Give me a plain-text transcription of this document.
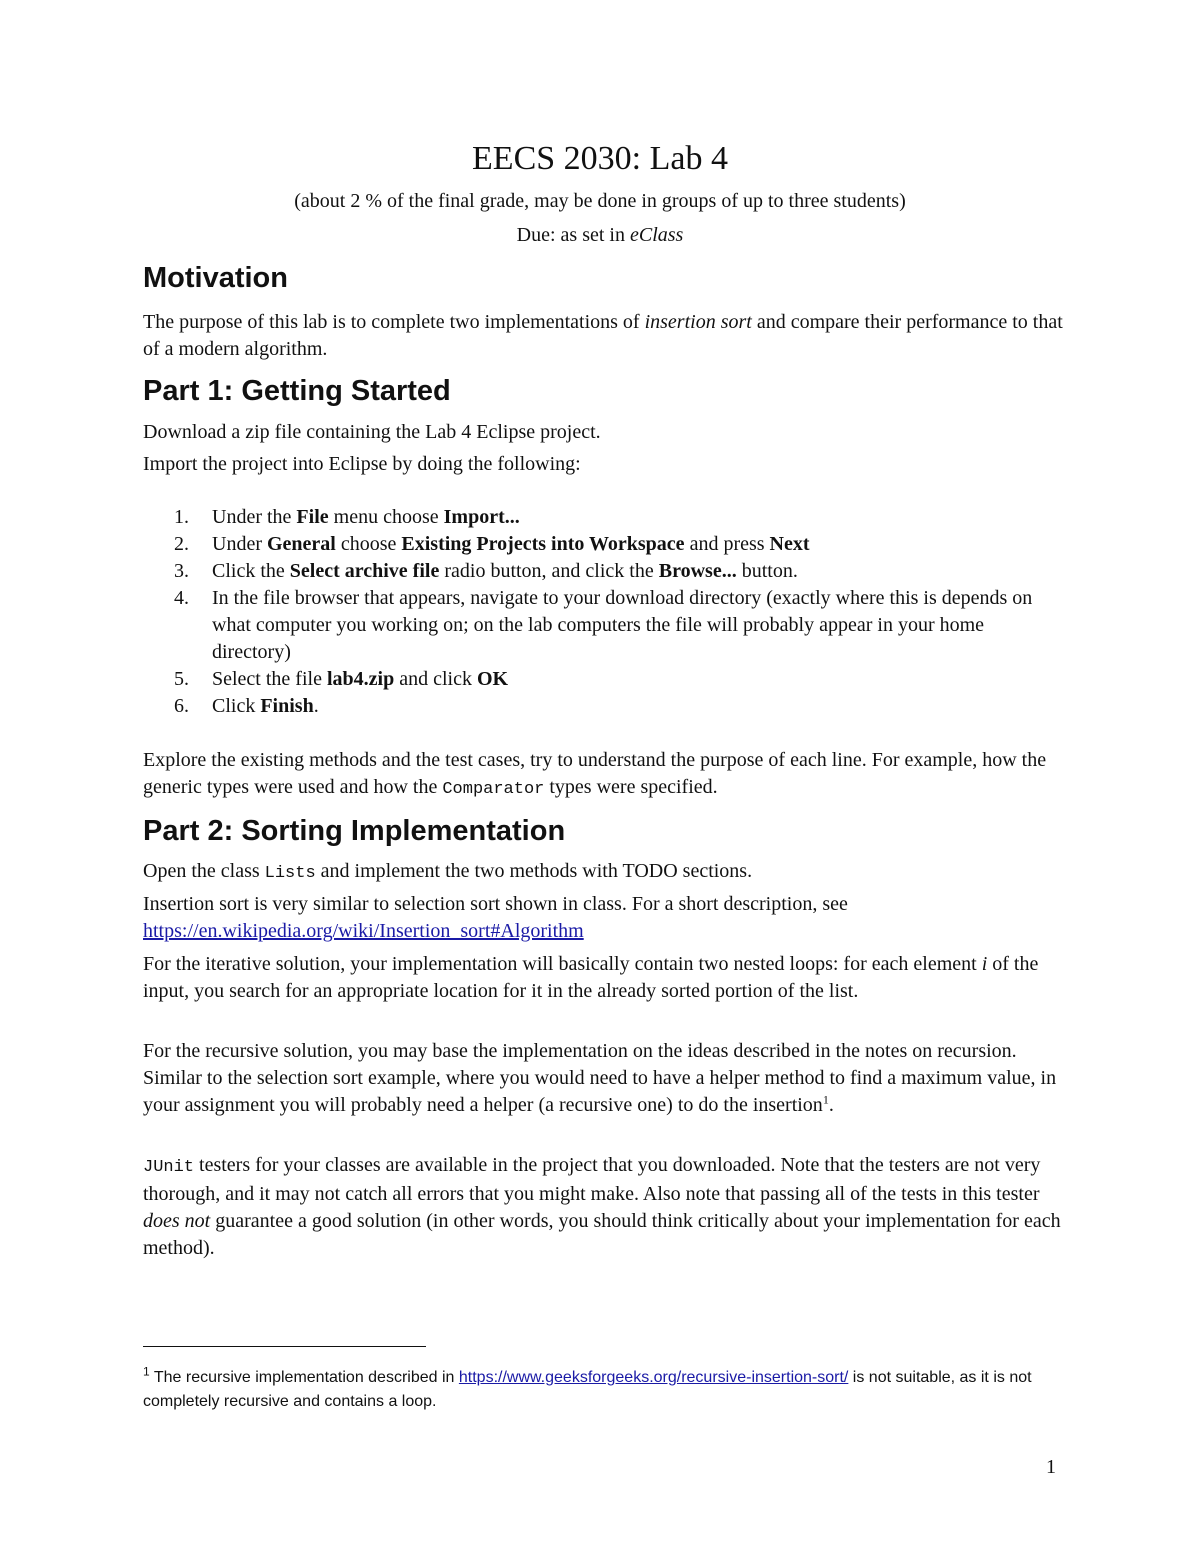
EECS 2030: Lab 4
(about 2 % of the final grade, may be done in groups of up to three students)
Due: as set in eClass
Motivation

The purpose of this lab is to complete two implementations of insertion sort and compare their performance to that of a modern algorithm.

Part 1: Getting Started

Download a zip file containing the Lab 4 Eclipse project.

Import the project into Eclipse by doing the following:

1. Under the File menu choose Import...
2. Under General choose Existing Projects into Workspace and press Next
3. Click the Select archive file radio button, and click the Browse... button.
4. In the file browser that appears, navigate to your download directory (exactly where this is depends on what computer you working on; on the lab computers the file will probably appear in your home directory)
5. Select the file lab4.zip and click OK
6. Click Finish.

Explore the existing methods and the test cases, try to understand the purpose of each line. For example, how the generic types were used and how the Comparator types were specified.

Part 2: Sorting Implementation

Open the class Lists and implement the two methods with TODO sections.

Insertion sort is very similar to selection sort shown in class. For a short description, see
https://en.wikipedia.org/wiki/Insertion_sort#Algorithm

For the iterative solution, your implementation will basically contain two nested loops: for each element i of the input, you search for an appropriate location for it in the already sorted portion of the list.

For the recursive solution, you may base the implementation on the ideas described in the notes on recursion. Similar to the selection sort example, where you would need to have a helper method to find a maximum value, in your assignment you will probably need a helper (a recursive one) to do the insertion$^1$.

JUnit testers for your classes are available in the project that you downloaded. Note that the testers are not very thorough, and it may not catch all errors that you might make. Also note that passing all of the tests in this tester does not guarantee a good solution (in other words, you should think critically about your implementation for each method).

$^1$ The recursive implementation described in https://www.geeksforgeeks.org/recursive-insertion-sort/ is not suitable, as it is not completely recursive and contains a loop.
1
